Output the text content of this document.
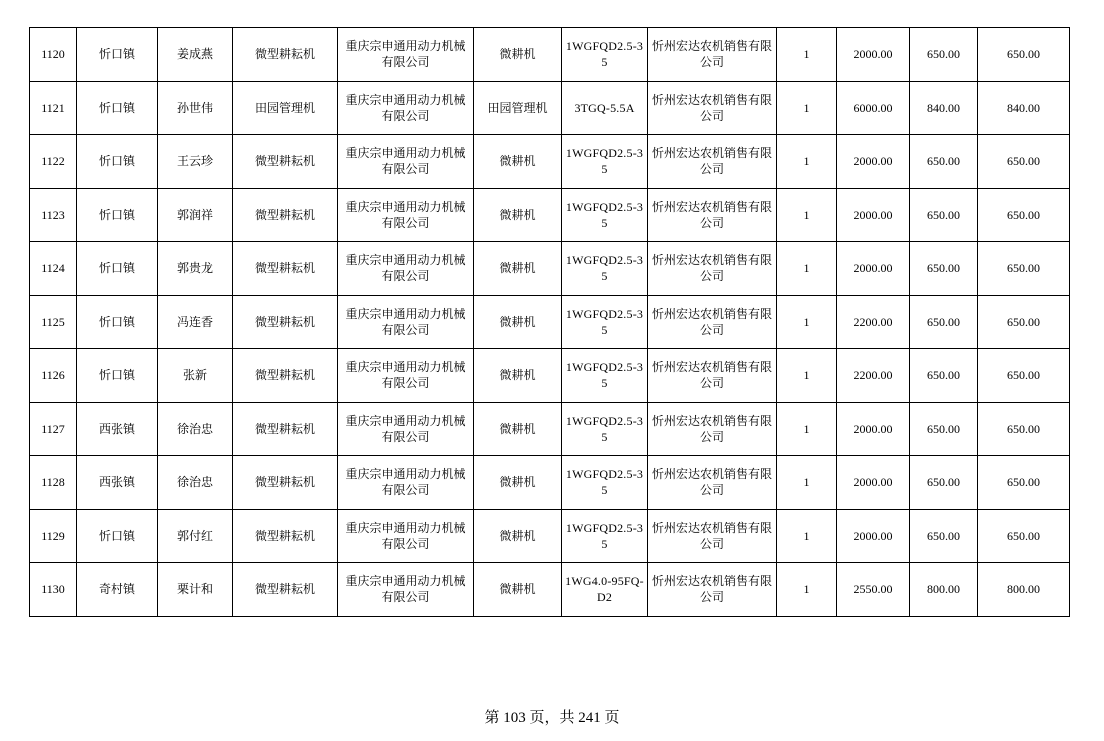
1120	忻口镇	姜成燕	微型耕耘机	重庆宗申通用动力机械有限公司	微耕机	1WGFQD2.5-35	忻州宏达农机销售有限公司	1	2000.00	650.00	650.00
1121	忻口镇	孙世伟	田园管理机	重庆宗申通用动力机械有限公司	田园管理机	3TGQ-5.5A	忻州宏达农机销售有限公司	1	6000.00	840.00	840.00
1122	忻口镇	王云珍	微型耕耘机	重庆宗申通用动力机械有限公司	微耕机	1WGFQD2.5-35	忻州宏达农机销售有限公司	1	2000.00	650.00	650.00
1123	忻口镇	郭润祥	微型耕耘机	重庆宗申通用动力机械有限公司	微耕机	1WGFQD2.5-35	忻州宏达农机销售有限公司	1	2000.00	650.00	650.00
1124	忻口镇	郭贵龙	微型耕耘机	重庆宗申通用动力机械有限公司	微耕机	1WGFQD2.5-35	忻州宏达农机销售有限公司	1	2000.00	650.00	650.00
1125	忻口镇	冯连香	微型耕耘机	重庆宗申通用动力机械有限公司	微耕机	1WGFQD2.5-35	忻州宏达农机销售有限公司	1	2200.00	650.00	650.00
1126	忻口镇	张新	微型耕耘机	重庆宗申通用动力机械有限公司	微耕机	1WGFQD2.5-35	忻州宏达农机销售有限公司	1	2200.00	650.00	650.00
1127	西张镇	徐治忠	微型耕耘机	重庆宗申通用动力机械有限公司	微耕机	1WGFQD2.5-35	忻州宏达农机销售有限公司	1	2000.00	650.00	650.00
1128	西张镇	徐治忠	微型耕耘机	重庆宗申通用动力机械有限公司	微耕机	1WGFQD2.5-35	忻州宏达农机销售有限公司	1	2000.00	650.00	650.00
1129	忻口镇	郭付红	微型耕耘机	重庆宗申通用动力机械有限公司	微耕机	1WGFQD2.5-35	忻州宏达农机销售有限公司	1	2000.00	650.00	650.00
1130	奇村镇	栗计和	微型耕耘机	重庆宗申通用动力机械有限公司	微耕机	1WG4.0-95FQ-D2	忻州宏达农机销售有限公司	1	2550.00	800.00	800.00
第 103 页，共 241 页
